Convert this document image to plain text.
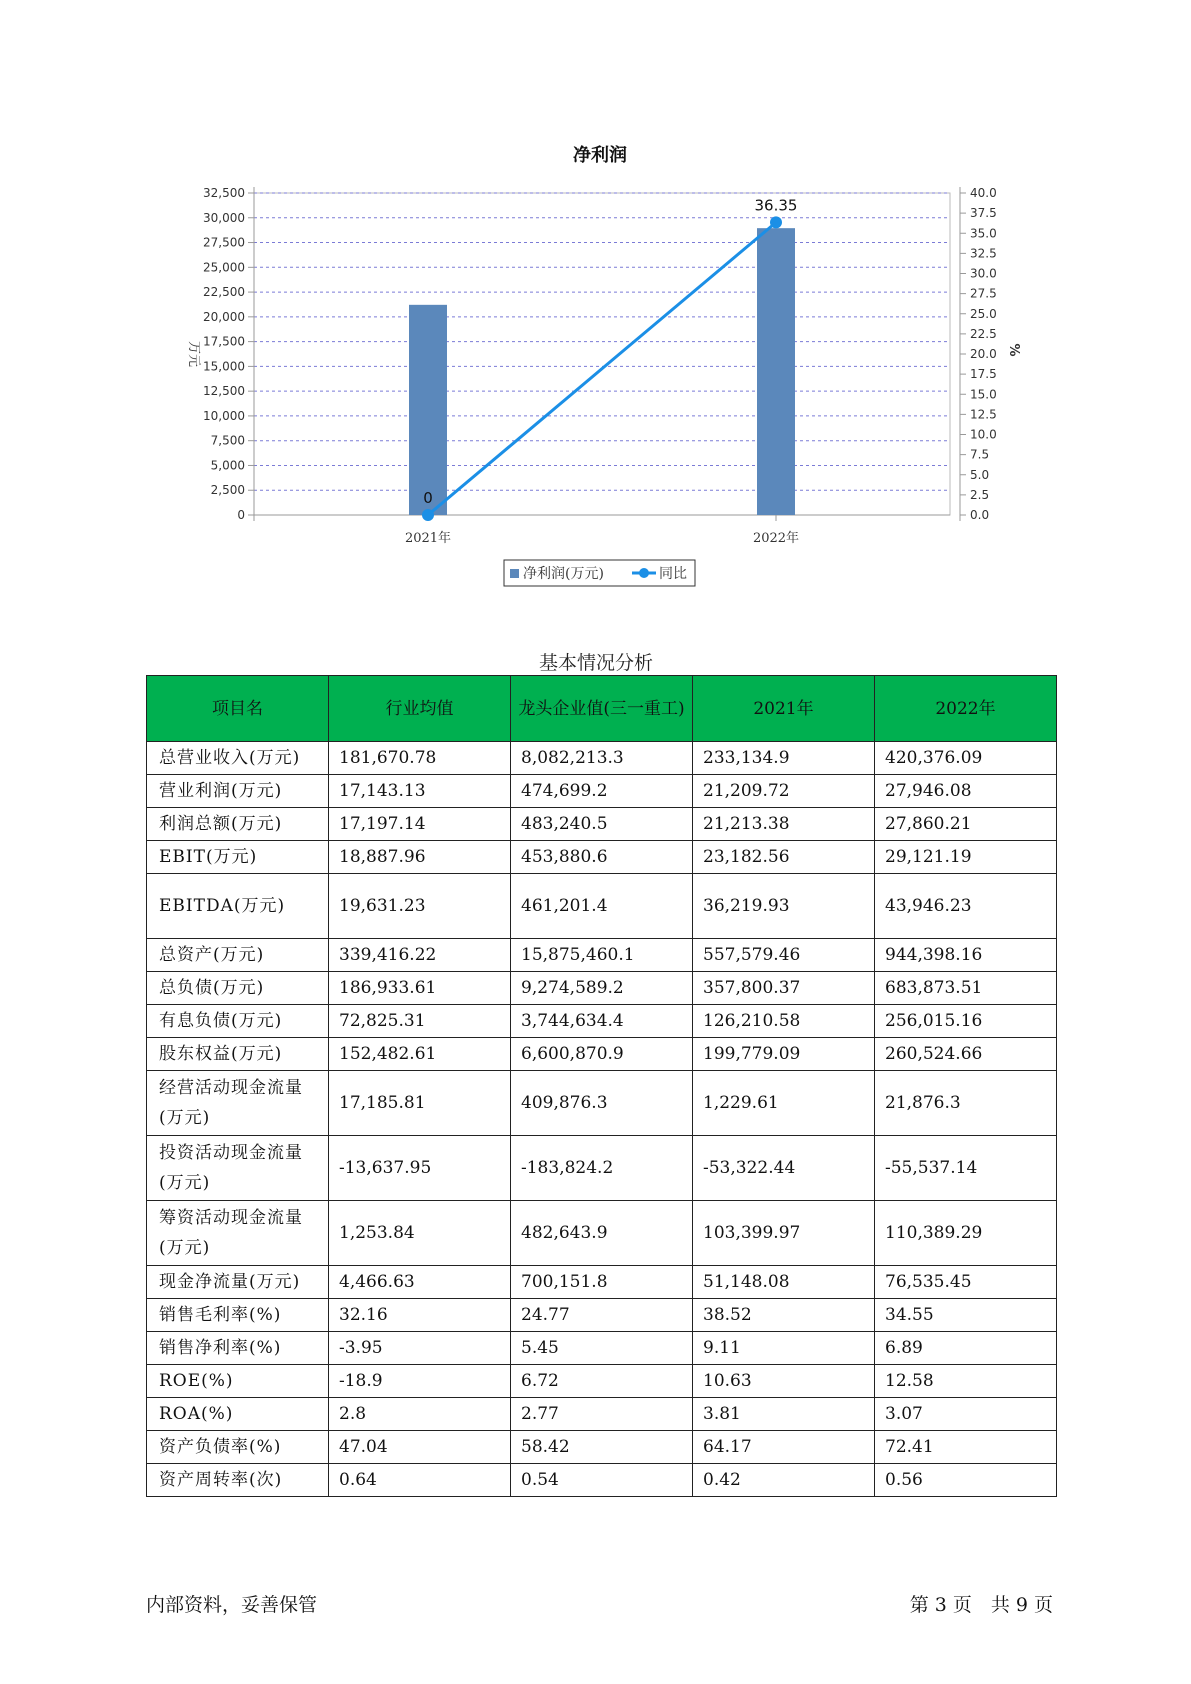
净利润
0
2,500
5,000
7,500
10,000
12,500
15,000
17,500
20,000
22,500
25,000
27,500
30,000
32,500
0.0
2.5
5.0
7.5
10.0
12.5
15.0
17.5
20.0
22.5
25.0
27.5
30.0
32.5
35.0
37.5
40.0
万元	%
2021年	2022年
0
36.35
净利润(万元)	同比
基本情况分析
项目名	行业均值	龙头企业值(三一重工)	2021年	2022年
总营业收入(万元)	181,670.78	8,082,213.3	233,134.9	420,376.09
营业利润(万元)	17,143.13	474,699.2	21,209.72	27,946.08
利润总额(万元)	17,197.14	483,240.5	21,213.38	27,860.21
EBIT(万元)	18,887.96	453,880.6	23,182.56	29,121.19
EBITDA(万元)	19,631.23	461,201.4	36,219.93	43,946.23
总资产(万元)	339,416.22	15,875,460.1	557,579.46	944,398.16
总负债(万元)	186,933.61	9,274,589.2	357,800.37	683,873.51
有息负债(万元)	72,825.31	3,744,634.4	126,210.58	256,015.16
股东权益(万元)	152,482.61	6,600,870.9	199,779.09	260,524.66
经营活动现金流量(万元)	17,185.81	409,876.3	1,229.61	21,876.3
投资活动现金流量(万元)	-13,637.95	-183,824.2	-53,322.44	-55,537.14
筹资活动现金流量(万元)	1,253.84	482,643.9	103,399.97	110,389.29
现金净流量(万元)	4,466.63	700,151.8	51,148.08	76,535.45
销售毛利率(%)	32.16	24.77	38.52	34.55
销售净利率(%)	-3.95	5.45	9.11	6.89
ROE(%)	-18.9	6.72	10.63	12.58
ROA(%)	2.8	2.77	3.81	3.07
资产负债率(%)	47.04	58.42	64.17	72.41
资产周转率(次)	0.64	0.54	0.42	0.56
内部资料，妥善保管	第 3 页　共 9 页
